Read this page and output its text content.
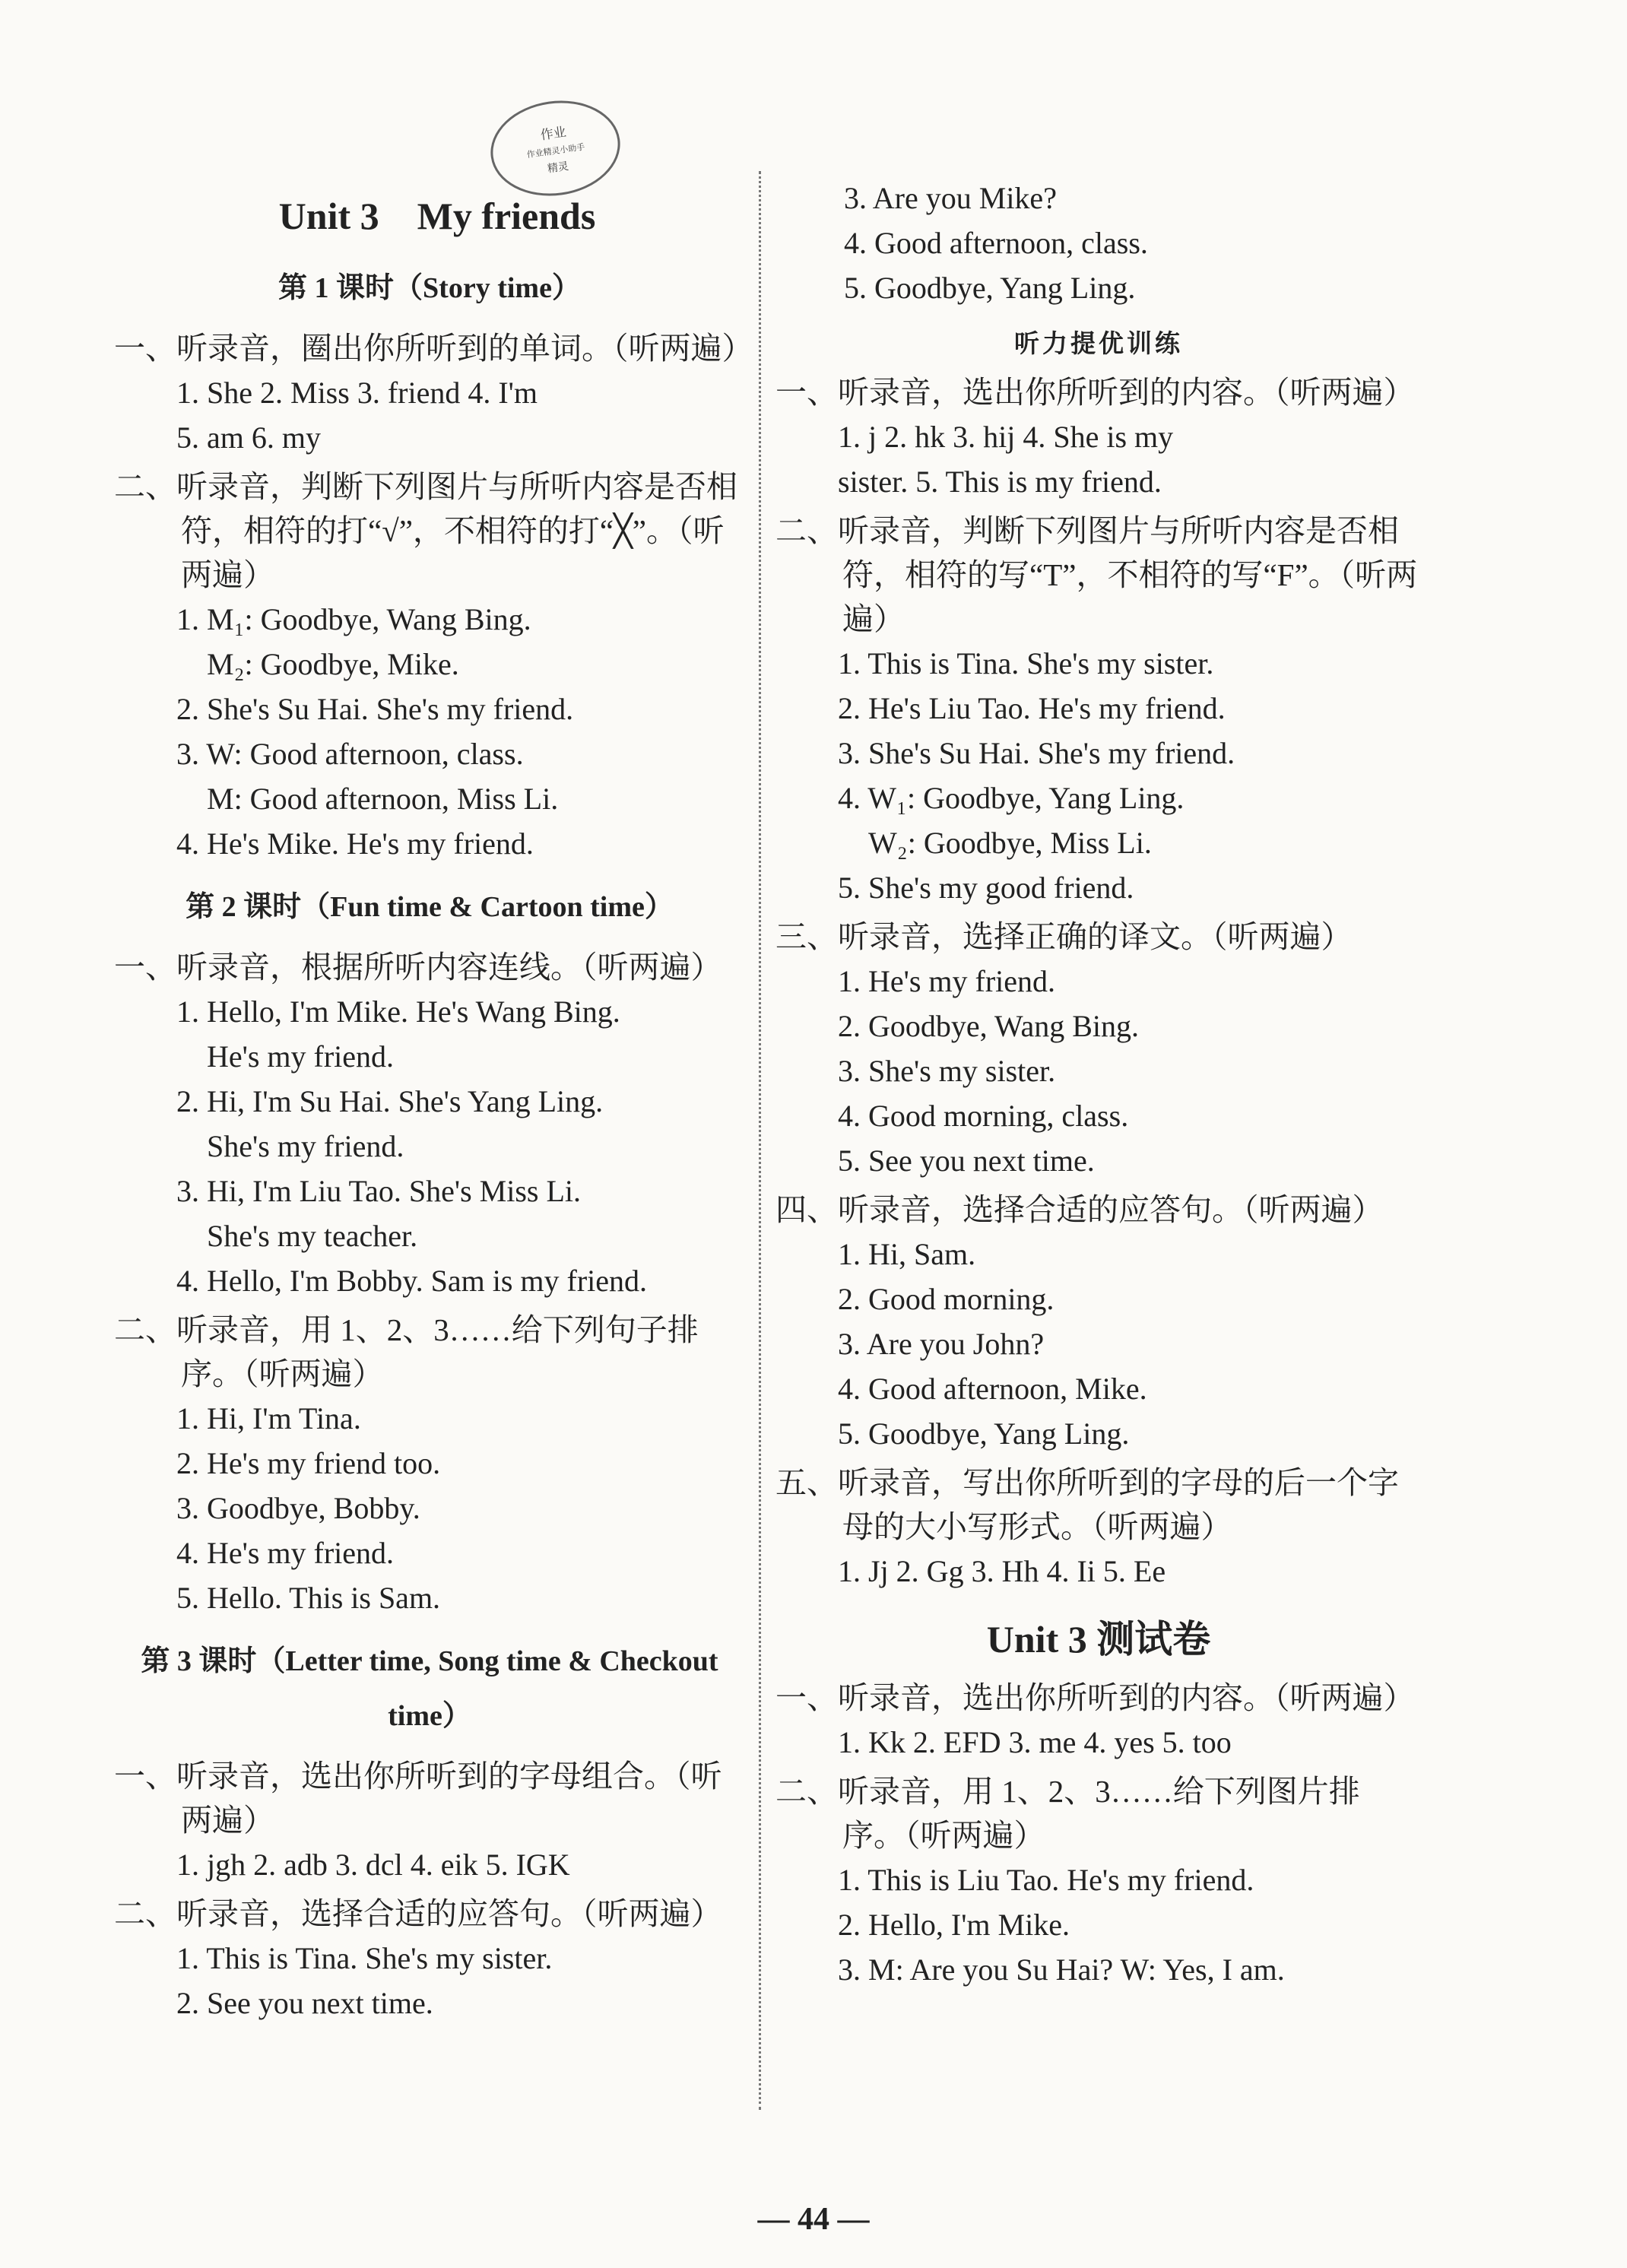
作业
作业精灵小助手
精灵
Unit 3    My friends
第 1 课时（Story time）
一、听录音，圈出你所听到的单词。（听两遍）
1. She 2. Miss 3. friend 4. I'm
5. am 6. my
二、听录音，判断下列图片与所听内容是否相符，相符的打“√”，不相符的打“╳”。（听两遍）
1. M₁: Goodbye, Wang Bing.
M₂: Goodbye, Mike.
2. She's Su Hai. She's my friend.
3. W: Good afternoon, class.
M: Good afternoon, Miss Li.
4. He's Mike. He's my friend.
第 2 课时（Fun time & Cartoon time）
一、听录音，根据所听内容连线。（听两遍）
1. Hello, I'm Mike. He's Wang Bing.
He's my friend.
2. Hi, I'm Su Hai. She's Yang Ling.
She's my friend.
3. Hi, I'm Liu Tao. She's Miss Li.
She's my teacher.
4. Hello, I'm Bobby. Sam is my friend.
二、听录音，用 1、2、3……给下列句子排序。（听两遍）
1. Hi, I'm Tina.
2. He's my friend too.
3. Goodbye, Bobby.
4. He's my friend.
5. Hello. This is Sam.
第 3 课时（Letter time, Song time & Checkout time）
一、听录音，选出你所听到的字母组合。（听两遍）
1. jgh 2. adb 3. dcl 4. eik 5. IGK
二、听录音，选择合适的应答句。（听两遍）
1. This is Tina. She's my sister.
2. See you next time.
3. Are you Mike?
4. Good afternoon, class.
5. Goodbye, Yang Ling.
听力提优训练
一、听录音，选出你所听到的内容。（听两遍）
1. j 2. hk 3. hij 4. She is my
sister. 5. This is my friend.
二、听录音，判断下列图片与所听内容是否相符，相符的写“T”，不相符的写“F”。（听两遍）
1. This is Tina. She's my sister.
2. He's Liu Tao. He's my friend.
3. She's Su Hai. She's my friend.
4. W₁: Goodbye, Yang Ling.
W₂: Goodbye, Miss Li.
5. She's my good friend.
三、听录音，选择正确的译文。（听两遍）
1. He's my friend.
2. Goodbye, Wang Bing.
3. She's my sister.
4. Good morning, class.
5. See you next time.
四、听录音，选择合适的应答句。（听两遍）
1. Hi, Sam.
2. Good morning.
3. Are you John?
4. Good afternoon, Mike.
5. Goodbye, Yang Ling.
五、听录音，写出你所听到的字母的后一个字母的大小写形式。（听两遍）
1. Jj 2. Gg 3. Hh 4. Ii 5. Ee
Unit 3 测试卷
一、听录音，选出你所听到的内容。（听两遍）
1. Kk 2. EFD 3. me 4. yes 5. too
二、听录音，用 1、2、3……给下列图片排序。（听两遍）
1. This is Liu Tao. He's my friend.
2. Hello, I'm Mike.
3. M: Are you Su Hai? W: Yes, I am.
— 44 —
